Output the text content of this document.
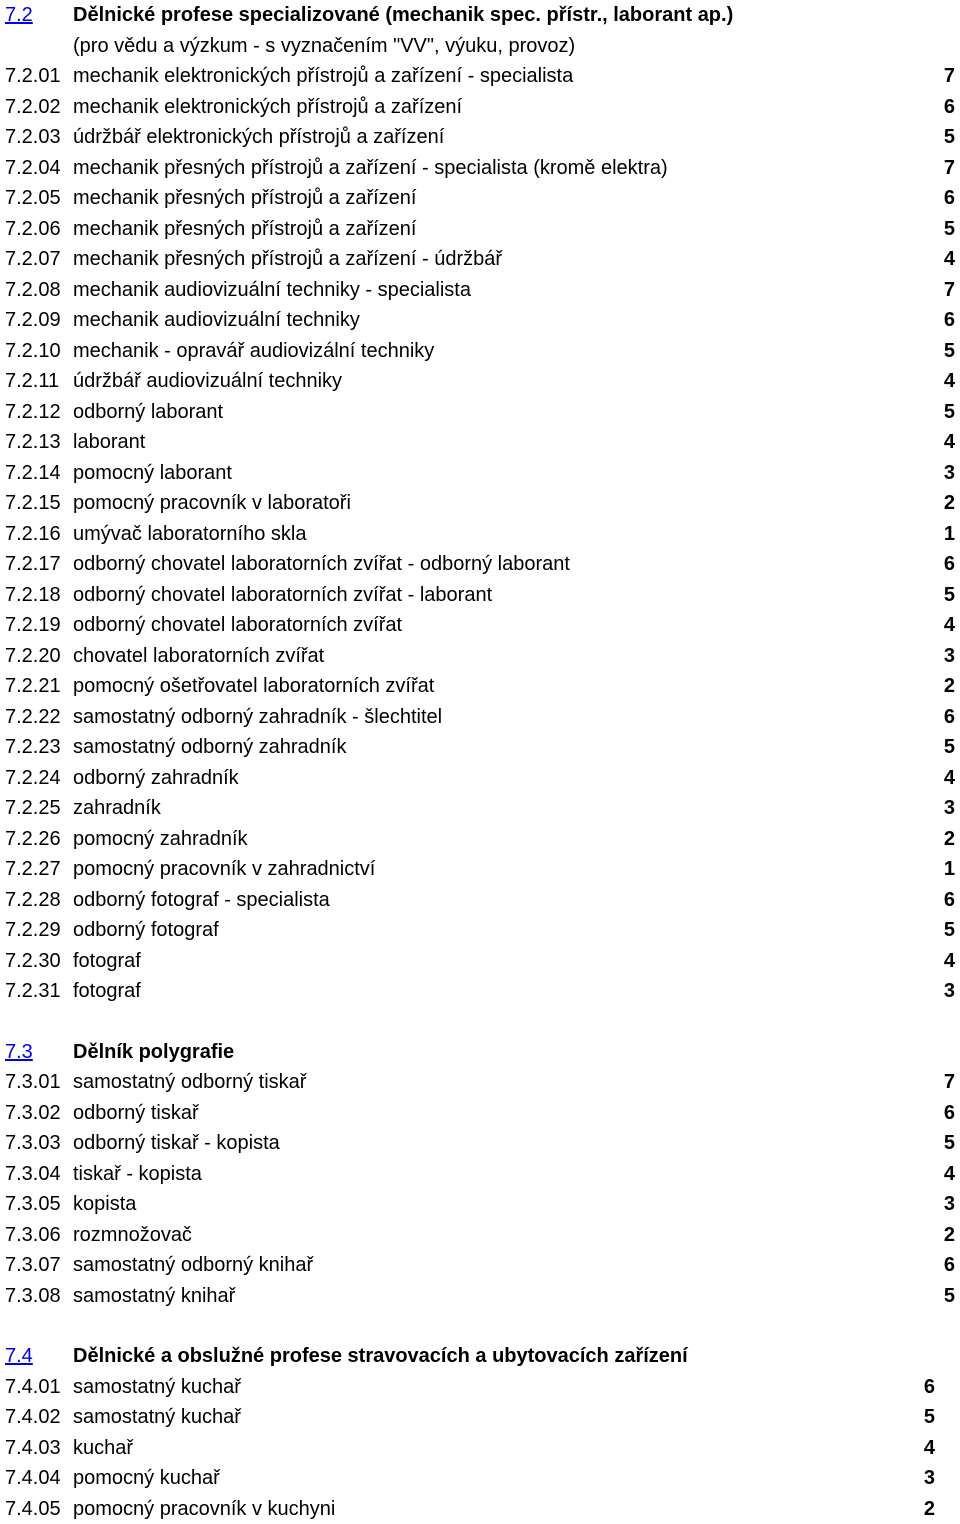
7.2 Dělnické profese specializované (mechanik spec. přístr., laborant ap.)
(pro vědu a výzkum - s vyznačením "VV", výuku, provoz)
7.2.01 mechanik elektronických přístrojů a zařízení - specialista	7
7.2.02 mechanik elektronických přístrojů a zařízení	6
7.2.03 údržbář elektronických přístrojů a zařízení	5
7.2.04 mechanik přesných přístrojů a zařízení - specialista (kromě elektra)	7
7.2.05 mechanik přesných přístrojů a zařízení	6
7.2.06 mechanik přesných přístrojů a zařízení	5
7.2.07 mechanik přesných přístrojů a zařízení - údržbář	4
7.2.08 mechanik audiovizuální techniky - specialista	7
7.2.09 mechanik audiovizuální techniky	6
7.2.10 mechanik - opravář audiovizální techniky	5
7.2.11 údržbář audiovizuální techniky	4
7.2.12 odborný laborant	5
7.2.13 laborant	4
7.2.14 pomocný laborant	3
7.2.15 pomocný pracovník v laboratoři	2
7.2.16 umývač laboratorního skla	1
7.2.17 odborný chovatel laboratorních zvířat - odborný laborant	6
7.2.18 odborný chovatel laboratorních zvířat - laborant	5
7.2.19 odborný chovatel laboratorních zvířat	4
7.2.20 chovatel laboratorních zvířat	3
7.2.21 pomocný ošetřovatel laboratorních zvířat	2
7.2.22 samostatný odborný zahradník - šlechtitel	6
7.2.23 samostatný odborný zahradník	5
7.2.24 odborný zahradník	4
7.2.25 zahradník	3
7.2.26 pomocný zahradník	2
7.2.27 pomocný pracovník v zahradnictví	1
7.2.28 odborný fotograf - specialista	6
7.2.29 odborný fotograf	5
7.2.30 fotograf	4
7.2.31 fotograf	3
7.3 Dělník polygrafie
7.3.01 samostatný odborný tiskař	7
7.3.02 odborný tiskař	6
7.3.03 odborný tiskař - kopista	5
7.3.04 tiskař - kopista	4
7.3.05 kopista	3
7.3.06 rozmnožovač	2
7.3.07 samostatný odborný knihař	6
7.3.08 samostatný knihař	5
7.4 Dělnické a obslužné profese stravovacích a ubytovacích zařízení
7.4.01 samostatný kuchař	6
7.4.02 samostatný kuchař	5
7.4.03 kuchař	4
7.4.04 pomocný kuchař	3
7.4.05 pomocný pracovník v kuchyni	2
